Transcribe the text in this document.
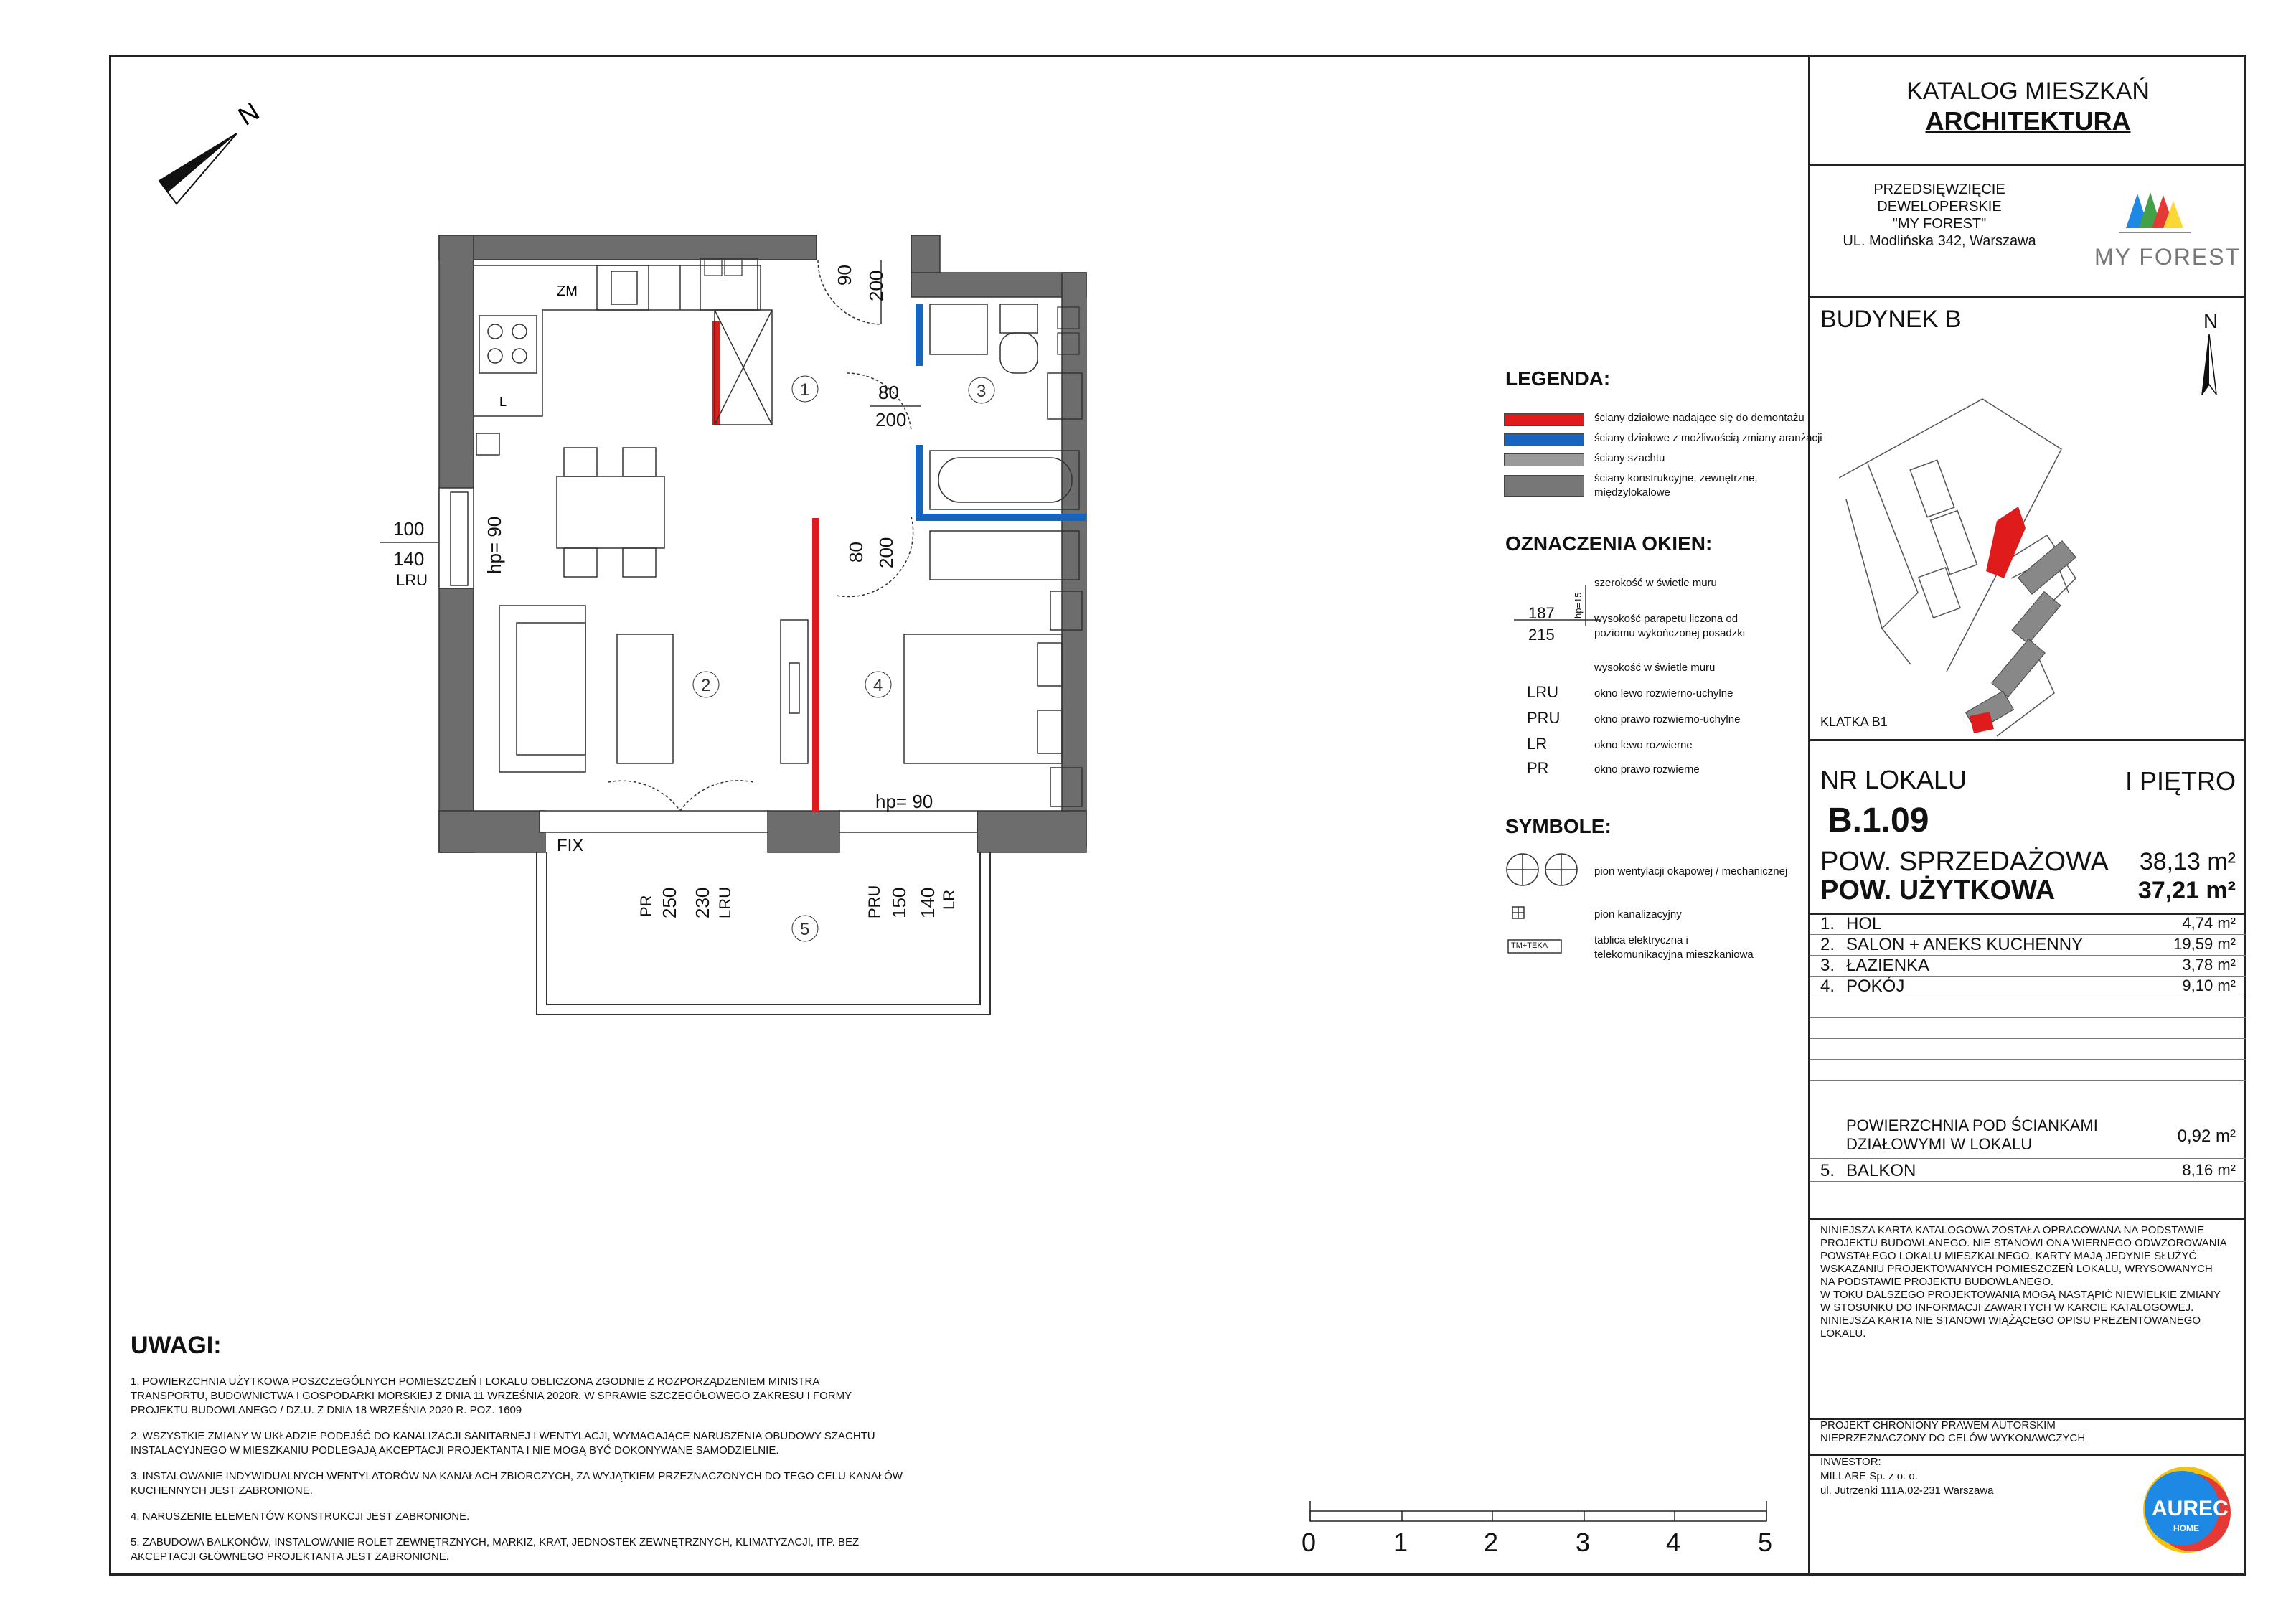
N
ZM
L
1
2
3
4
5
90 200
80
200
80 200
100
140
LRU
hp= 90
FIX
PR 250 230 LRU
hp= 90
PRU 150 140 LR
0	1	2	3	4	5
LEGENDA:
ściany działowe nadające się do demontażu
ściany działowe z możliwością zmiany aranżacji
ściany szachtu
ściany konstrukcyjne, zewnętrzne,
międzylokalowe
OZNACZENIA OKIEN:
szerokość w świetle muru
187
215
hp=15
wysokość parapetu liczona od
poziomu wykończonej posadzki
wysokość w świetle muru
LRU	okno lewo rozwierno-uchylne
PRU	okno prawo rozwierno-uchylne
LR	okno lewo rozwierne
PR	okno prawo rozwierne
SYMBOLE:
TM+TEKA
pion wentylacji okapowej / mechanicznej
pion kanalizacyjny
tablica elektryczna i
telekomunikacyjna mieszkaniowa
UWAGI:
1. POWIERZCHNIA UŻYTKOWA POSZCZEGÓLNYCH POMIESZCZEŃ I LOKALU OBLICZONA ZGODNIE Z ROZPORZĄDZENIEM MINISTRA
TRANSPORTU, BUDOWNICTWA I GOSPODARKI MORSKIEJ Z DNIA 11 WRZEŚNIA 2020R. W SPRAWIE SZCZEGÓŁOWEGO ZAKRESU I FORMY
PROJEKTU BUDOWLANEGO / DZ.U. Z DNIA 18 WRZEŚNIA 2020 R. POZ. 1609
2. WSZYSTKIE ZMIANY W UKŁADZIE PODEJŚĆ DO KANALIZACJI SANITARNEJ I WENTYLACJI, WYMAGAJĄCE NARUSZENIA OBUDOWY SZACHTU
INSTALACYJNEGO W MIESZKANIU PODLEGAJĄ AKCEPTACJI PROJEKTANTA I NIE MOGĄ BYĆ DOKONYWANE SAMODZIELNIE.
3. INSTALOWANIE INDYWIDUALNYCH WENTYLATORÓW NA KANAŁACH ZBIORCZYCH, ZA WYJĄTKIEM PRZEZNACZONYCH DO TEGO CELU KANAŁÓW
KUCHENNYCH JEST ZABRONIONE.
4. NARUSZENIE ELEMENTÓW KONSTRUKCJI JEST ZABRONIONE.
5. ZABUDOWA BALKONÓW, INSTALOWANIE ROLET ZEWNĘTRZNYCH, MARKIZ, KRAT, JEDNOSTEK ZEWNĘTRZNYCH, KLIMATYZACJI, ITP. BEZ
AKCEPTACJI GŁÓWNEGO PROJEKTANTA JEST ZABRONIONE.
KATALOG MIESZKAŃ
ARCHITEKTURA
PRZEDSIĘWZIĘCIE
DEWELOPERSKIE
"MY FOREST"
UL. Modlińska 342, Warszawa
MY FOREST
BUDYNEK B	N
KLATKA B1
NR LOKALU	I PIĘTRO
B.1.09
POW. SPRZEDAŻOWA 38,13 m²
POW. UŻYTKOWA	37,21 m²
1. HOL	4,74 m²
2. SALON + ANEKS KUCHENNY	19,59 m²
3. ŁAZIENKA	3,78 m²
4. POKÓJ	9,10 m²
POWIERZCHNIA POD ŚCIANKAMI
DZIAŁOWYMI W LOKALU	0,92 m²
5. BALKON	8,16 m²
NINIEJSZA KARTA KATALOGOWA ZOSTAŁA OPRACOWANA NA PODSTAWIE
PROJEKTU BUDOWLANEGO. NIE STANOWI ONA WIERNEGO ODWZOROWANIA
POWSTAŁEGO LOKALU MIESZKALNEGO. KARTY MAJĄ JEDYNIE SŁUŻYĆ
WSKAZANIU PROJEKTOWANYCH POMIESZCZEŃ LOKALU, WRYSOWANYCH
NA PODSTAWIE PROJEKTU BUDOWLANEGO.
W TOKU DALSZEGO PROJEKTOWANIA MOGĄ NASTĄPIĆ NIEWIELKIE ZMIANY
W STOSUNKU DO INFORMACJI ZAWARTYCH W KARCIE KATALOGOWEJ.
NINIEJSZA KARTA NIE STANOWI WIĄŻĄCEGO OPISU PREZENTOWANEGO
LOKALU.
PROJEKT CHRONIONY PRAWEM AUTORSKIM
NIEPRZEZNACZONY DO CELÓW WYKONAWCZYCH
INWESTOR:
MILLARE Sp. z o. o.
ul. Jutrzenki 111A,02-231 Warszawa
AUREC
HOME
